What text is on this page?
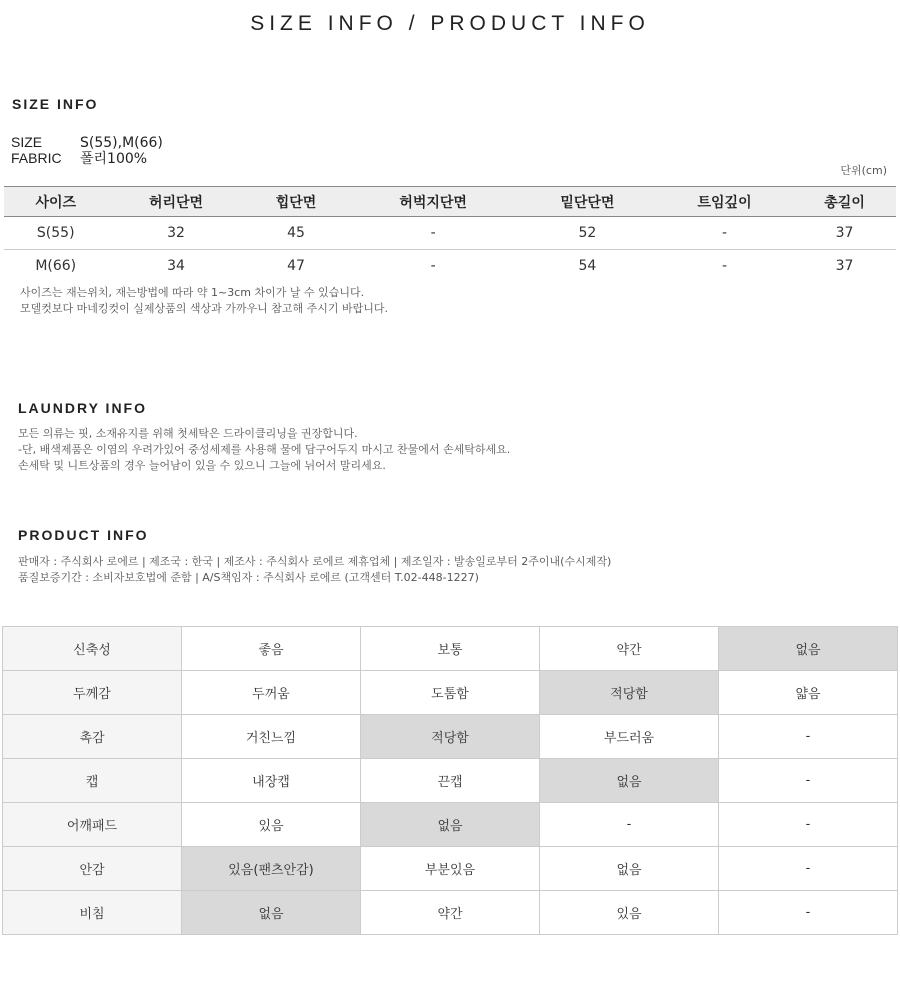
SIZE INFO / PRODUCT INFO
SIZE INFO
SIZE	S(55),M(66)
FABRIC 폴리100%
단위(cm)
사이즈	허리단면	힙단면	허벅지단면	밑단단면	트임깊이	총길이
S(55)	32	45	-	52	-	37
M(66)	34	47	-	54	-	37
사이즈는 재는위치, 재는방법에 따라 약 1~3cm 차이가 날 수 있습니다.
모델컷보다 마네킹컷이 실제상품의 색상과 가까우니 참고해 주시기 바랍니다.
LAUNDRY INFO
모든 의류는 핏, 소재유지를 위해 첫세탁은 드라이클리닝을 권장합니다.
-단, 배색제품은 이염의 우려가있어 중성세제를 사용해 물에 담구어두지 마시고 찬물에서 손세탁하세요.
손세탁 및 니트상품의 경우 늘어남이 있을 수 있으니 그늘에 뉘어서 말리세요.
PRODUCT INFO
판매자 : 주식회사 로에르 | 제조국 : 한국 | 제조사 : 주식회사 로에르 제휴업체 | 제조일자 : 발송일로부터 2주이내(수시제작)
품질보증기간 : 소비자보호법에 준함 | A/S책임자 : 주식회사 로에르 (고객센터 T.02-448-1227)
신축성	좋음	보통	약간	없음
두께감	두꺼움	도톰함	적당함	얇음
촉감	거친느낌	적당함	부드러움	-
캡	내장캡	끈캡	없음	-
어깨패드	있음	없음	-	-
안감	있음(팬츠안감)	부분있음	없음	-
비침	없음	약간	있음	-
